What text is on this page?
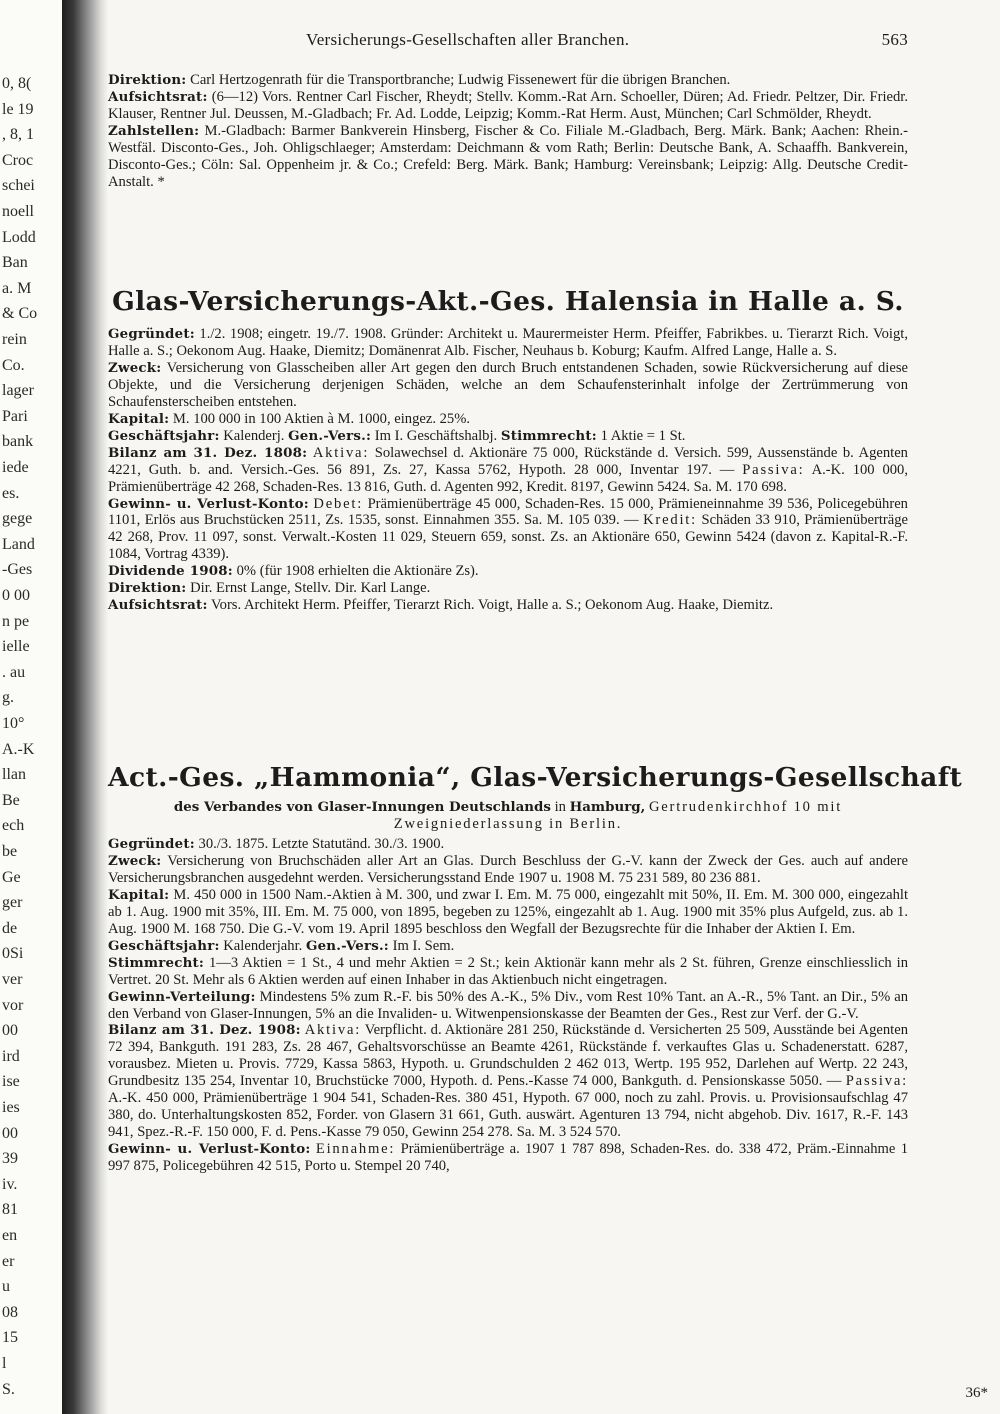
0, 8(
le 19
, 8, 1
Croc
schei
noell
Lodd
Ban
a. M
& Co
rein
Co.
lager
Pari
bank
iede
es.
gege
Land
-Ges
0 00
n pe
ielle
. au
g.
10°
A.-K
llan
Be
ech
be
Ge
ger
de
0Si
ver
vor
00
ird
ise
ies
00
39
iv.
81
en
er
u
08
15
l
S.
Versicherungs-Gesellschaften aller Branchen.	563

Direktion: Carl Hertzogenrath für die Transportbranche; Ludwig Fissenewert für die übrigen Branchen.

Aufsichtsrat: (6—12) Vors. Rentner Carl Fischer, Rheydt; Stellv. Komm.-Rat Arn. Schoeller, Düren; Ad. Friedr. Peltzer, Dir. Friedr. Klauser, Rentner Jul. Deussen, M.-Gladbach; Fr. Ad. Lodde, Leipzig; Komm.-Rat Herm. Aust, München; Carl Schmölder, Rheydt.

Zahlstellen: M.-Gladbach: Barmer Bankverein Hinsberg, Fischer & Co. Filiale M.-Gladbach, Berg. Märk. Bank; Aachen: Rhein.-Westfäl. Disconto-Ges., Joh. Ohligschlaeger; Amsterdam: Deichmann & vom Rath; Berlin: Deutsche Bank, A. Schaaffh. Bankverein, Disconto-Ges.; Cöln: Sal. Oppenheim jr. & Co.; Crefeld: Berg. Märk. Bank; Hamburg: Vereinsbank; Leipzig: Allg. Deutsche Credit-Anstalt. *

Glas-Versicherungs-Akt.-Ges. Halensia in Halle a. S.

Gegründet: 1./2. 1908; eingetr. 19./7. 1908. Gründer: Architekt u. Maurermeister Herm. Pfeiffer, Fabrikbes. u. Tierarzt Rich. Voigt, Halle a. S.; Oekonom Aug. Haake, Diemitz; Domänenrat Alb. Fischer, Neuhaus b. Koburg; Kaufm. Alfred Lange, Halle a. S.

Zweck: Versicherung von Glasscheiben aller Art gegen den durch Bruch entstandenen Schaden, sowie Rückversicherung auf diese Objekte, und die Versicherung derjenigen Schäden, welche an dem Schaufensterinhalt infolge der Zertrümmerung von Schaufensterscheiben entstehen.

Kapital: M. 100 000 in 100 Aktien à M. 1000, eingez. 25%.

Geschäftsjahr: Kalenderj. Gen.-Vers.: Im I. Geschäftshalbj. Stimmrecht: 1 Aktie = 1 St.

Bilanz am 31. Dez. 1808: Aktiva: Solawechsel d. Aktionäre 75 000, Rückstände d. Versich. 599, Aussenstände b. Agenten 4221, Guth. b. and. Versich.-Ges. 56 891, Zs. 27, Kassa 5762, Hypoth. 28 000, Inventar 197. — Passiva: A.-K. 100 000, Prämienüberträge 42 268, Schaden-Res. 13 816, Guth. d. Agenten 992, Kredit. 8197, Gewinn 5424. Sa. M. 170 698.

Gewinn- u. Verlust-Konto: Debet: Prämienüberträge 45 000, Schaden-Res. 15 000, Prämieneinnahme 39 536, Policegebühren 1101, Erlös aus Bruchstücken 2511, Zs. 1535, sonst. Einnahmen 355. Sa. M. 105 039. — Kredit: Schäden 33 910, Prämienüberträge 42 268, Prov. 11 097, sonst. Verwalt.-Kosten 11 029, Steuern 659, sonst. Zs. an Aktionäre 650, Gewinn 5424 (davon z. Kapital-R.-F. 1084, Vortrag 4339).

Dividende 1908: 0% (für 1908 erhielten die Aktionäre Zs).

Direktion: Dir. Ernst Lange, Stellv. Dir. Karl Lange.

Aufsichtsrat: Vors. Architekt Herm. Pfeiffer, Tierarzt Rich. Voigt, Halle a. S.; Oekonom Aug. Haake, Diemitz.

Act.-Ges. „Hammonia“, Glas-Versicherungs-Gesellschaft

des Verbandes von Glaser-Innungen Deutschlands in Hamburg, Gertrudenkirchhof 10 mit Zweigniederlassung in Berlin.

Gegründet: 30./3. 1875. Letzte Statutänd. 30./3. 1900.

Zweck: Versicherung von Bruchschäden aller Art an Glas. Durch Beschluss der G.-V. kann der Zweck der Ges. auch auf andere Versicherungsbranchen ausgedehnt werden. Versicherungsstand Ende 1907 u. 1908 M. 75 231 589, 80 236 881.

Kapital: M. 450 000 in 1500 Nam.-Aktien à M. 300, und zwar I. Em. M. 75 000, eingezahlt mit 50%, II. Em. M. 300 000, eingezahlt ab 1. Aug. 1900 mit 35%, III. Em. M. 75 000, von 1895, begeben zu 125%, eingezahlt ab 1. Aug. 1900 mit 35% plus Aufgeld, zus. ab 1. Aug. 1900 M. 168 750. Die G.-V. vom 19. April 1895 beschloss den Wegfall der Bezugsrechte für die Inhaber der Aktien I. Em.

Geschäftsjahr: Kalenderjahr. Gen.-Vers.: Im I. Sem.

Stimmrecht: 1—3 Aktien = 1 St., 4 und mehr Aktien = 2 St.; kein Aktionär kann mehr als 2 St. führen, Grenze einschliesslich in Vertret. 20 St. Mehr als 6 Aktien werden auf einen Inhaber in das Aktienbuch nicht eingetragen.

Gewinn-Verteilung: Mindestens 5% zum R.-F. bis 50% des A.-K., 5% Div., vom Rest 10% Tant. an A.-R., 5% Tant. an Dir., 5% an den Verband von Glaser-Innungen, 5% an die Invaliden- u. Witwenpensionskasse der Beamten der Ges., Rest zur Verf. der G.-V.

Bilanz am 31. Dez. 1908: Aktiva: Verpflicht. d. Aktionäre 281 250, Rückstände d. Versicherten 25 509, Ausstände bei Agenten 72 394, Bankguth. 191 283, Zs. 28 467, Gehaltsvorschüsse an Beamte 4261, Rückstände f. verkauftes Glas u. Schadenerstatt. 6287, vorausbez. Mieten u. Provis. 7729, Kassa 5863, Hypoth. u. Grundschulden 2 462 013, Wertp. 195 952, Darlehen auf Wertp. 22 243, Grundbesitz 135 254, Inventar 10, Bruchstücke 7000, Hypoth. d. Pens.-Kasse 74 000, Bankguth. d. Pensionskasse 5050. — Passiva: A.-K. 450 000, Prämienüberträge 1 904 541, Schaden-Res. 380 451, Hypoth. 67 000, noch zu zahl. Provis. u. Provisionsaufschlag 47 380, do. Unterhaltungskosten 852, Forder. von Glasern 31 661, Guth. auswärt. Agenturen 13 794, nicht abgehob. Div. 1617, R.-F. 143 941, Spez.-R.-F. 150 000, F. d. Pens.-Kasse 79 050, Gewinn 254 278. Sa. M. 3 524 570.

Gewinn- u. Verlust-Konto: Einnahme: Prämienüberträge a. 1907 1 787 898, Schaden-Res. do. 338 472, Präm.-Einnahme 1 997 875, Policegebühren 42 515, Porto u. Stempel 20 740,

36*
